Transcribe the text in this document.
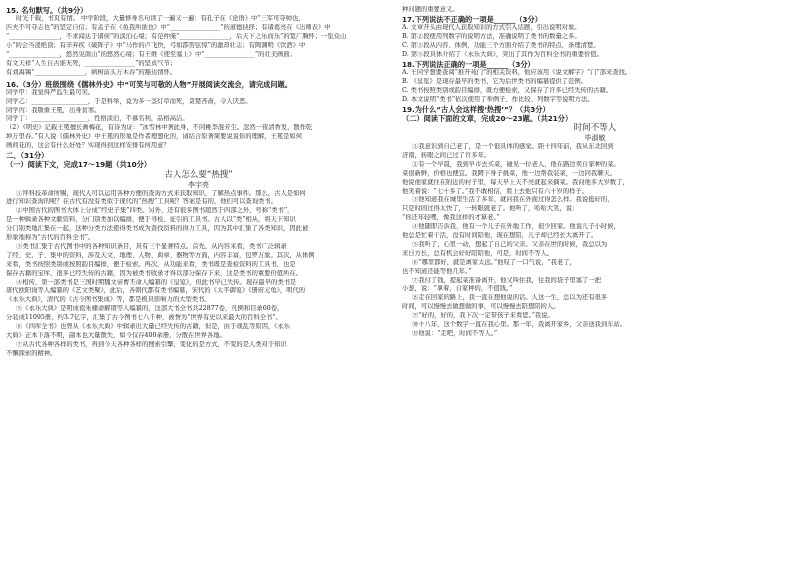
15. 名句默写。（共9分）

时光千载，书页有情。 中学阶段，大量修身名句读了一遍又一遍：有孔子在《论语》中“三军可夺帅也，

匹夫不可夺志也”的坚定自信；有孟子在《鱼我所欲也》中“________________”的道德抉择；有诸葛亮在《出师表》中

“________________，不求闻达于诸侯”的淡泊心境；有范仲淹“________________，后天下之乐而乐”的宽广胸怀；一览众山

小”的会当凌绝顶；有辛弃疾《破阵子》中“马作的卢飞快，弓如霹雳弦惊”的激昂壮志；有陶渊明《饮酒》中

“________________，悠然见南山”的悠然心境；有王维《使至塞上》中“________________”的壮美画面；

有文天祥“人生自古谁无死，________________”的坚贞气节；

有刘禹锡“________________，病树前头万木春”的豁达情怀。

16.（3分）班级围绕《儒林外史》中“可笑与可敬的人物”开展阅读交流会，请完成问题。

同学甲：我觉得严监生最可笑。

同学乙：__________________，于是科举，竟为多一茎灯草而死，贪婪吝啬，令人厌恶。

同学丙：我敬重王冕，出身贫寒。

同学丁：__________________，性格淡泊，不慕名利，品格高洁。

（2）《明史》记载王冕擅长画梅花，有诗为证：“冰雪林中著此身，不同桃李混芳尘。忽然一夜清香发，散作乾

坤万里春。”有人说《儒林外史》中王冕的形象是作者理想化的，请结合原著简要说说你的理解，王冕是如何

画荷花的，这会有什么好处？实现得到这样安排有何用意？

二、（31分）

（一）阅读下文，完成17～19题（共10分）

古人怎么要“热搜”

李宇亮

①拜科技革命所赐，现代人可以运用各种方便的查询方式来获取知识，了解热点事件。那么，古人是如何

进行知识查询的呢？在古代有没有类似于现代的“热搜”工具呢？答案是有的，他们可以查询类书。

②中国古代的图书大体上分成“经史子集”四类。另外，还有很多图书超然于四部之外，号称“类书”，

是一种辑录各种文献资料，分门别类加以编排，便于寻检、征引的工具书。古人以“类”相从，将天下知识

分门别类地汇集在一起，这种分类方法使得类书成为查找资料的得力工具，因为其中汇集了各类知识，因此被

形象地称为“古代的百科全书”。

③类书汇集于古代图书中的各种知识条目，具有三个显著特点。首先，从内容来看，类书广泛辑录

了经、史、子、集中的资料，涉及天文、地理、人物、典章、器物等方面，内容丰富，包罗万象。其次，从体例

来看，类书按照类别或按照韵目编排，便于检索。再次，从功能来看，类书既是查检资料的工具书，也是

保存古籍的宝库，很多已经失传的古籍，因为被类书收录才得以部分保存下来，这是类书的重要价值所在。

④相传，第一部类书是三国时期魏文帝曹丕命人编纂的《皇览》，但此书早已失传。现存最早的类书是

唐代欧阳询等人编纂的《艺文类聚》，此后，各朝代都有类书编纂，宋代的《太平御览》《册府元龟》，明代的

《永乐大典》，清代的《古今图书集成》等，都是极具影响力的大型类书。

⑤《永乐大典》是明成祖朱棣命解缙等人编纂的，这部大书全书共22877卷，凡例和目录60卷，

分装成11095册，约3.7亿字，汇集了古今图书七八千种，被誉为“世界有史以来最大的百科全书”。

⑥《四库全书》也曾从《永乐大典》中辑录出大量已经失传的古籍，但是，由于战乱等原因，《永乐

大典》正本下落不明，副本也大量散失，如今仅存400余册，分散在世界各地。

⑦从古代各种各样的类书，再到今天各种各样的搜索引擎，变化的是方式，不变的是人类对于知识

不懈探索的精神。

种问题的重要意义。

17.下列说法不正确的一项是______（3分）

A. 文章开头由现代人获取知识的方式引入话题，引出说明对象。

B. 第②段使用列数字的说明方法，准确说明了类书的数量之多。

C. 第③段从内容、体例、功能三个方面介绍了类书的特点，条理清楚。

D. 第⑤段具体介绍了《永乐大典》，突出了其作为百科全书的重要价值。

18.下列说法正确的一项是______（3分）

A. 王同学想要查阅“推开苑门”的相关资料，他应该用《说文解字》“门”部来查找。

B. 《皇览》是现存最早的类书，它为后世类书的编纂提供了范例。

C. 类书按照类别或韵目编排，既方便检索，又保存了许多已经失传的古籍。

D. 本文说明“类书”依次使用了举例子、作比较、列数字等说明方法。

19.为什么“古人会这样搜‘热搜’”？（共3分）

（二）阅读下面的文章，完成20～23题。（共21分）

时间不等人

毕淑敏

①我意识到自己老了，是一个很具体的感觉。距十四年前，我从东北回到

济南，转眼之间已过了许多年。

②有一个早晨，我到早市去买菜，碰见一位老人，他在路边卖自家种的菜。

菜很新鲜，价格也便宜。我蹲下身子挑菜，他一边帮我装菜，一边同我聊天。

他说他家就住在附近的村子里，每天早上天不亮就起来摘菜。我问他多大岁数了，

他笑着说：“七十多了。”我不敢相信，看上去他只有六十岁的样子。

③他知道我在城里生活了多年，就问我在外面过得怎么样。我说挺好的，

只是时间过得太快了，一转眼就老了。他听了，哈哈大笑，说：

“你还年轻哩，像我这样的才算老。”

④他随即告诉我，他有一个儿子在外地工作，很少回家。他说儿子小时候，

他总是忙着干活，没有时间陪他，现在想陪，儿子却已经长大离开了。

⑤我听了，心里一动，想起了自己的父亲。父亲在世的时候，我总以为

来日方长，总有机会好好陪陪他，可是，时间不等人。

⑥“哪里都好，就是离家太远。”他叹了一口气说，“我老了，

也不知道还能等他几年。”

⑦我付了钱，提起菜准备离开，他又叫住我，往我的袋子里塞了一把

小葱，说：“拿着，自家种的，不值钱。”

⑧走在回家的路上，我一直在想他说的话。人这一生，总以为还有很多

时间，可以慢慢去做想做的事，可以慢慢去陪想陪的人。

⑨“好的，好的，我下次一定带孩子来看您。”我说。

⑩十八年，这个数字一直在我心里。那一年，我离开家乡，父亲送我到车站。

⑪他说：“走吧，时间不等人。”
